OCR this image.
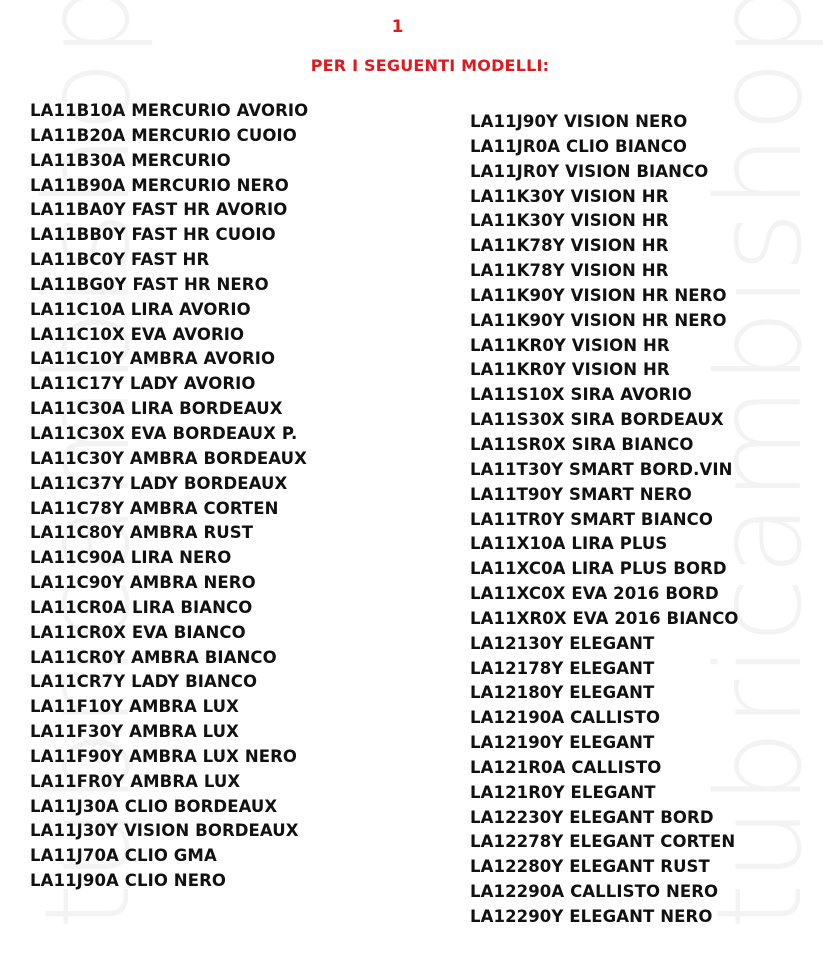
1
PER I SEGUENTI MODELLI:
LA11B10A MERCURIO AVORIO
LA11B20A MERCURIO CUOIO
LA11B30A MERCURIO
LA11B90A MERCURIO NERO
LA11BA0Y FAST HR AVORIO
LA11BB0Y FAST HR CUOIO
LA11BC0Y FAST HR
LA11BG0Y FAST HR NERO
LA11C10A LIRA AVORIO
LA11C10X EVA AVORIO
LA11C10Y AMBRA AVORIO
LA11C17Y LADY AVORIO
LA11C30A LIRA BORDEAUX
LA11C30X EVA BORDEAUX P.
LA11C30Y AMBRA BORDEAUX
LA11C37Y LADY BORDEAUX
LA11C78Y AMBRA CORTEN
LA11C80Y AMBRA RUST
LA11C90A LIRA NERO
LA11C90Y AMBRA NERO
LA11CR0A LIRA BIANCO
LA11CR0X EVA BIANCO
LA11CR0Y AMBRA BIANCO
LA11CR7Y LADY BIANCO
LA11F10Y AMBRA LUX
LA11F30Y AMBRA LUX
LA11F90Y AMBRA LUX NERO
LA11FR0Y AMBRA LUX
LA11J30A CLIO BORDEAUX
LA11J30Y VISION BORDEAUX
LA11J70A CLIO GMA
LA11J90A CLIO NERO
LA11J90Y VISION NERO
LA11JR0A CLIO BIANCO
LA11JR0Y VISION BIANCO
LA11K30Y VISION HR
LA11K30Y VISION HR
LA11K78Y VISION HR
LA11K78Y VISION HR
LA11K90Y VISION HR NERO
LA11K90Y VISION HR NERO
LA11KR0Y VISION HR
LA11KR0Y VISION HR
LA11S10X SIRA AVORIO
LA11S30X SIRA BORDEAUX
LA11SR0X SIRA BIANCO
LA11T30Y SMART BORD.VIN
LA11T90Y SMART NERO
LA11TR0Y SMART BIANCO
LA11X10A LIRA PLUS
LA11XC0A LIRA PLUS BORD
LA11XC0X EVA 2016 BORD
LA11XR0X EVA 2016 BIANCO
LA12130Y ELEGANT
LA12178Y ELEGANT
LA12180Y ELEGANT
LA12190A CALLISTO
LA12190Y ELEGANT
LA121R0A CALLISTO
LA121R0Y ELEGANT
LA12230Y ELEGANT BORD
LA12278Y ELEGANT CORTEN
LA12280Y ELEGANT RUST
LA12290A CALLISTO NERO
LA12290Y ELEGANT NERO
